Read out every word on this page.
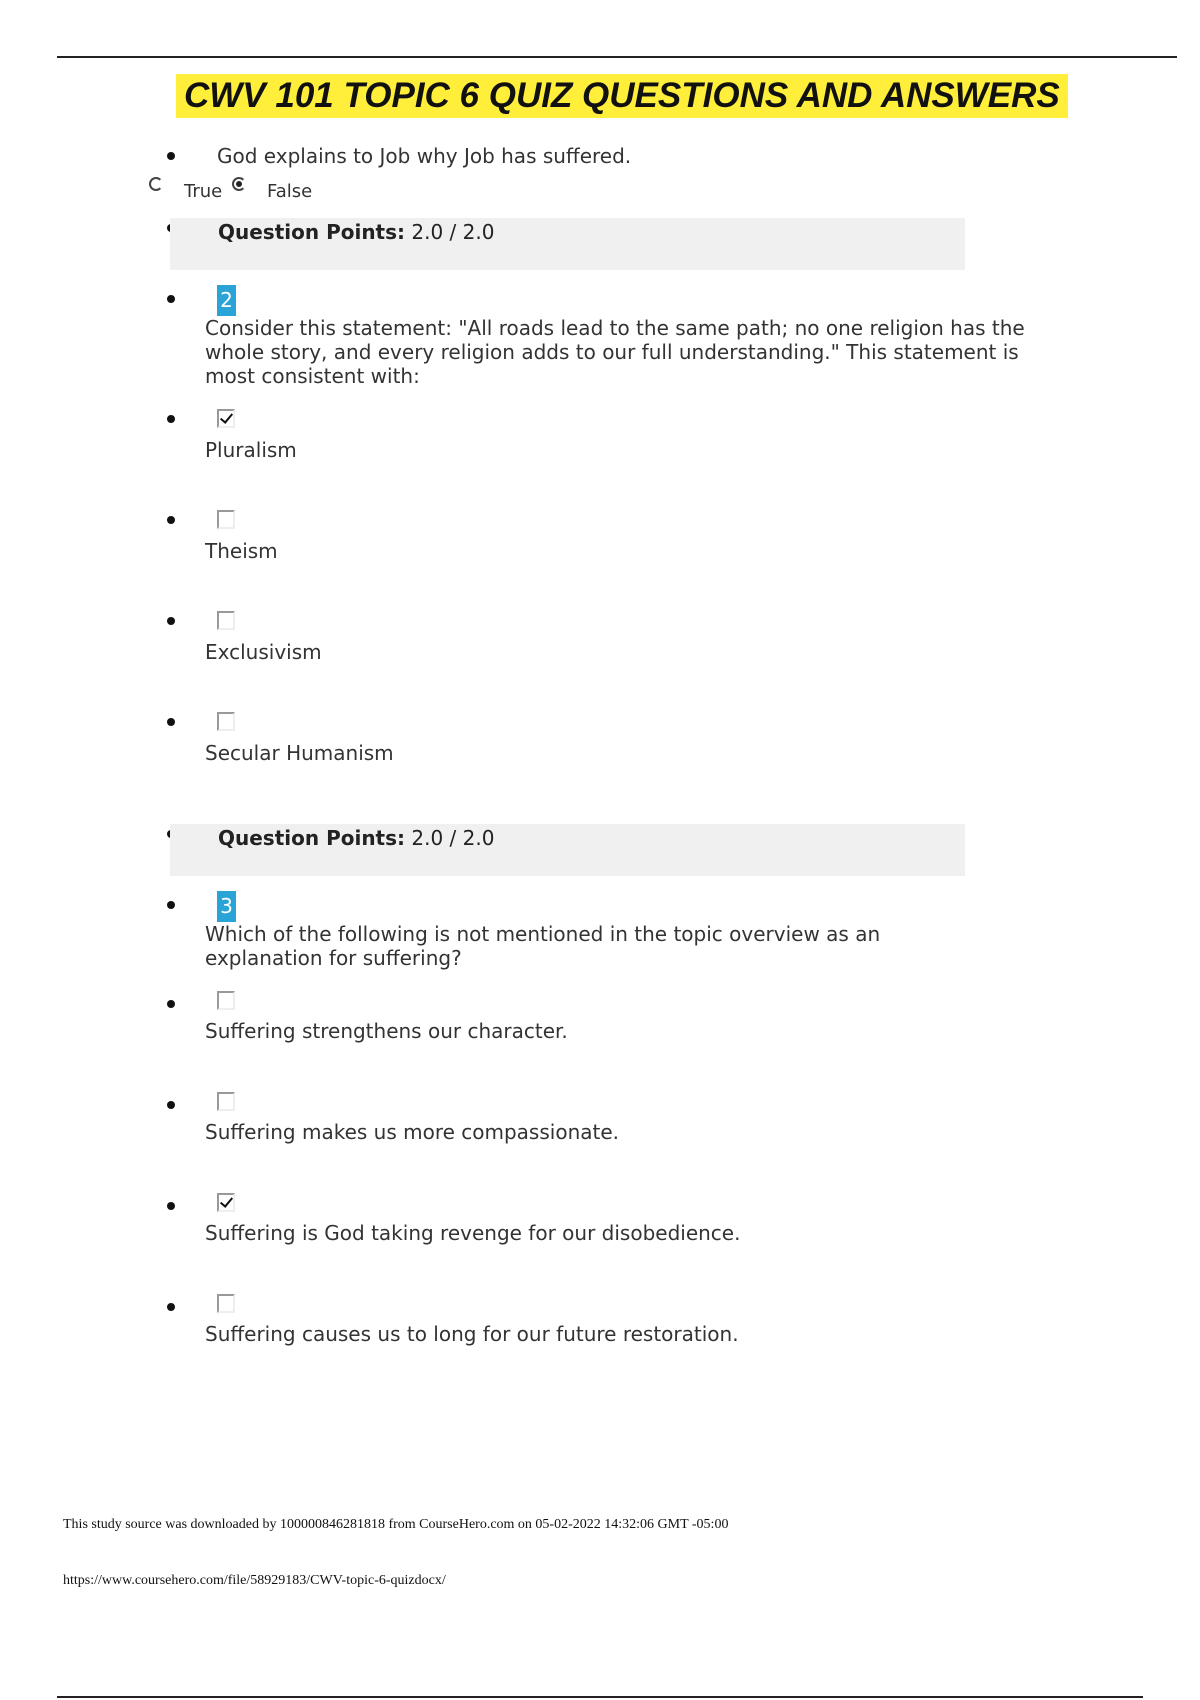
CWV 101 TOPIC 6 QUIZ QUESTIONS AND ANSWERS
God explains to Job why Job has suffered.
True False
Question Points: 2.0 / 2.0
2
Consider this statement: "All roads lead to the same path; no one religion has the whole story, and every religion adds to our full understanding." This statement is most consistent with:
Pluralism
Theism
Exclusivism
Secular Humanism
Question Points: 2.0 / 2.0
3
Which of the following is not mentioned in the topic overview as an explanation for suffering?
Suffering strengthens our character.
Suffering makes us more compassionate.
Suffering is God taking revenge for our disobedience.
Suffering causes us to long for our future restoration.
This study source was downloaded by 100000846281818 from CourseHero.com on 05-02-2022 14:32:06 GMT -05:00
https://www.coursehero.com/file/58929183/CWV-topic-6-quizdocx/
